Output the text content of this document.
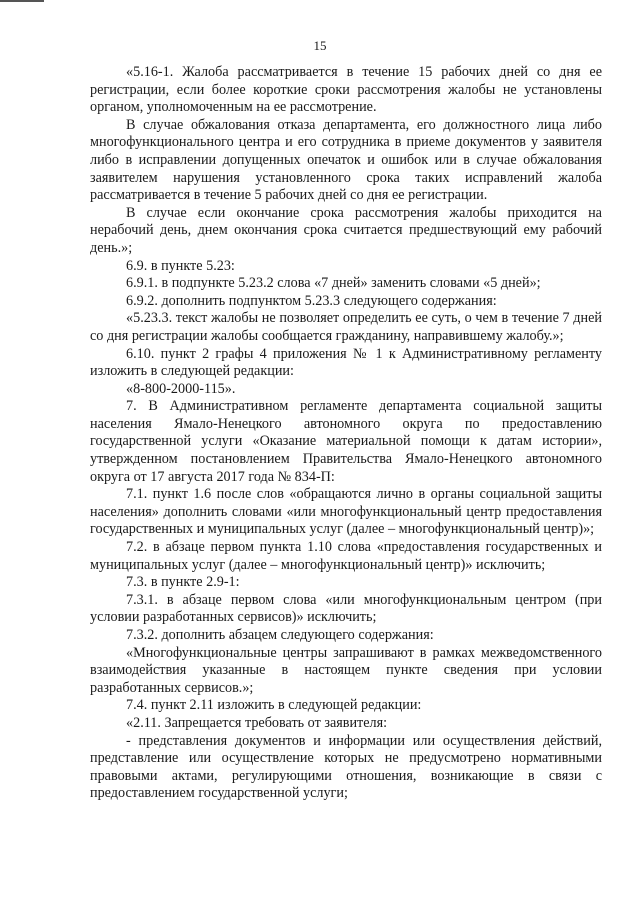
15

«5.16-1. Жалоба рассматривается в течение 15 рабочих дней со дня ее регистрации, если более короткие сроки рассмотрения жалобы не установлены органом, уполномоченным на ее рассмотрение.

В случае обжалования отказа департамента, его должностного лица либо многофункционального центра и его сотрудника в приеме документов у заявителя либо в исправлении допущенных опечаток и ошибок или в случае обжалования заявителем нарушения установленного срока таких исправлений жалоба рассматривается в течение 5 рабочих дней со дня ее регистрации.

В случае если окончание срока рассмотрения жалобы приходится на нерабочий день, днем окончания срока считается предшествующий ему рабочий день.»;

6.9. в пункте 5.23:

6.9.1. в подпункте 5.23.2 слова «7 дней» заменить словами «5 дней»;

6.9.2. дополнить подпунктом 5.23.3 следующего содержания:

«5.23.3. текст жалобы не позволяет определить ее суть, о чем в течение 7 дней со дня регистрации жалобы сообщается гражданину, направившему жалобу.»;

6.10. пункт 2 графы 4 приложения № 1 к Административному регламенту изложить в следующей редакции:

«8-800-2000-115».

7. В Административном регламенте департамента социальной защиты населения Ямало-Ненецкого автономного округа по предоставлению государственной услуги «Оказание материальной помощи к датам истории», утвержденном постановлением Правительства Ямало-Ненецкого автономного округа от 17 августа 2017 года № 834-П:

7.1. пункт 1.6 после слов «обращаются лично в органы социальной защиты населения» дополнить словами «или многофункциональный центр предоставления государственных и муниципальных услуг (далее – многофункциональный центр)»;

7.2. в абзаце первом пункта 1.10 слова «предоставления государственных и муниципальных услуг (далее – многофункциональный центр)» исключить;

7.3. в пункте 2.9-1:

7.3.1. в абзаце первом слова «или многофункциональным центром (при условии разработанных сервисов)» исключить;

7.3.2. дополнить абзацем следующего содержания:

«Многофункциональные центры запрашивают в рамках межведомственного взаимодействия указанные в настоящем пункте сведения при условии разработанных сервисов.»;

7.4. пункт 2.11 изложить в следующей редакции:

«2.11. Запрещается требовать от заявителя:

- представления документов и информации или осуществления действий, представление или осуществление которых не предусмотрено нормативными правовыми актами, регулирующими отношения, возникающие в связи с предоставлением государственной услуги;
